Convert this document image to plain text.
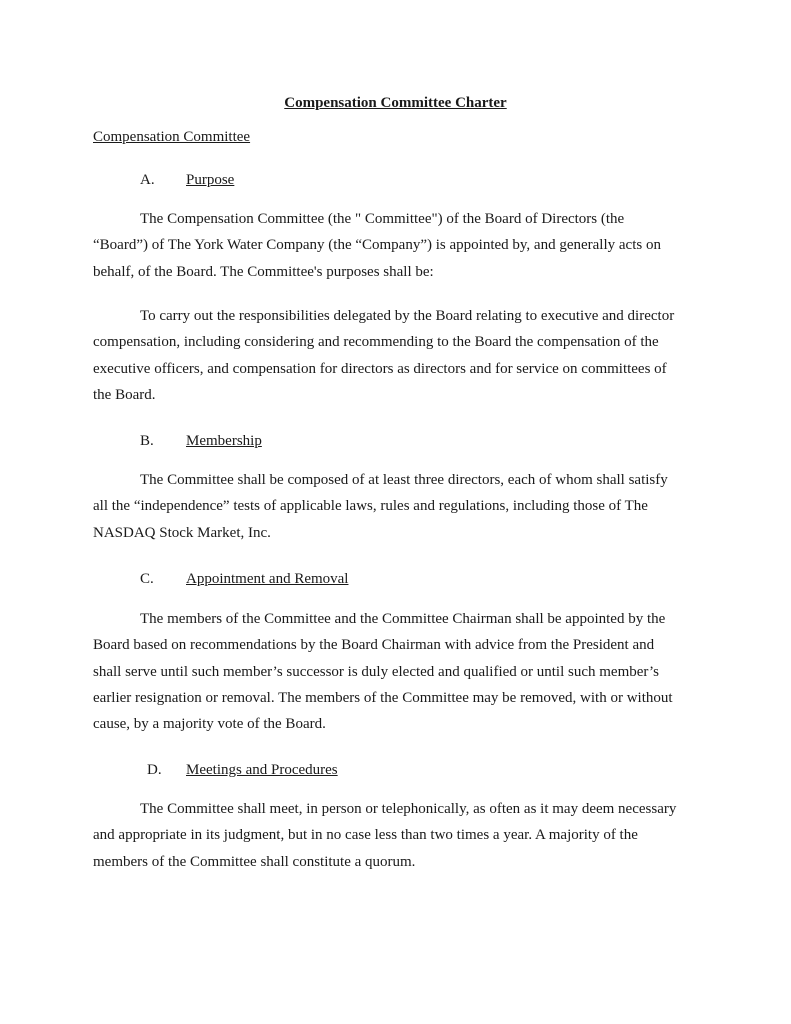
Compensation Committee Charter
Compensation Committee
A. Purpose
The Compensation Committee (the " Committee") of the Board of Directors (the
“Board”) of The York Water Company (the “Company”) is appointed by, and generally acts on
behalf, of the Board. The Committee's purposes shall be:
To carry out the responsibilities delegated by the Board relating to executive and director
compensation, including considering and recommending to the Board the compensation of the
executive officers, and compensation for directors as directors and for service on committees of
the Board.
B. Membership
The Committee shall be composed of at least three directors, each of whom shall satisfy
all the “independence” tests of applicable laws, rules and regulations, including those of The
NASDAQ Stock Market, Inc.
C. Appointment and Removal
The members of the Committee and the Committee Chairman shall be appointed by the
Board based on recommendations by the Board Chairman with advice from the President and
shall serve until such member’s successor is duly elected and qualified or until such member’s
earlier resignation or removal. The members of the Committee may be removed, with or without
cause, by a majority vote of the Board.
D. Meetings and Procedures
The Committee shall meet, in person or telephonically, as often as it may deem necessary
and appropriate in its judgment, but in no case less than two times a year. A majority of the
members of the Committee shall constitute a quorum.
